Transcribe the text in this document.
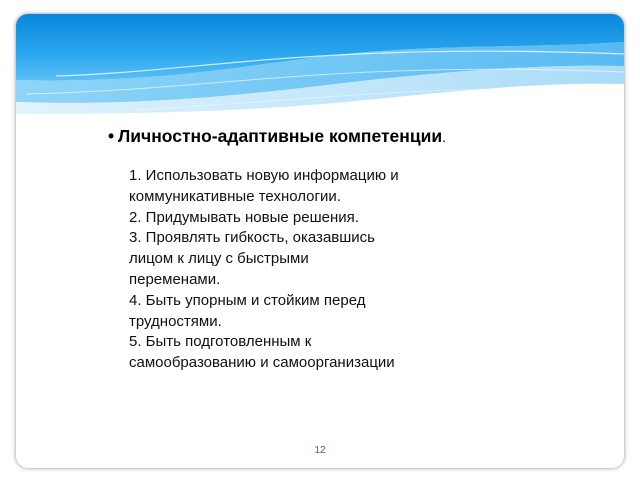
• Личностно-адаптивные компетенции.
1. Использовать новую информацию и
коммуникативные технологии.
2. Придумывать новые решения.
3. Проявлять гибкость, оказавшись
лицом к лицу с быстрыми
переменами.
4. Быть упорным и стойким перед
трудностями.
5. Быть подготовленным к
самообразованию и самоорганизации
12
